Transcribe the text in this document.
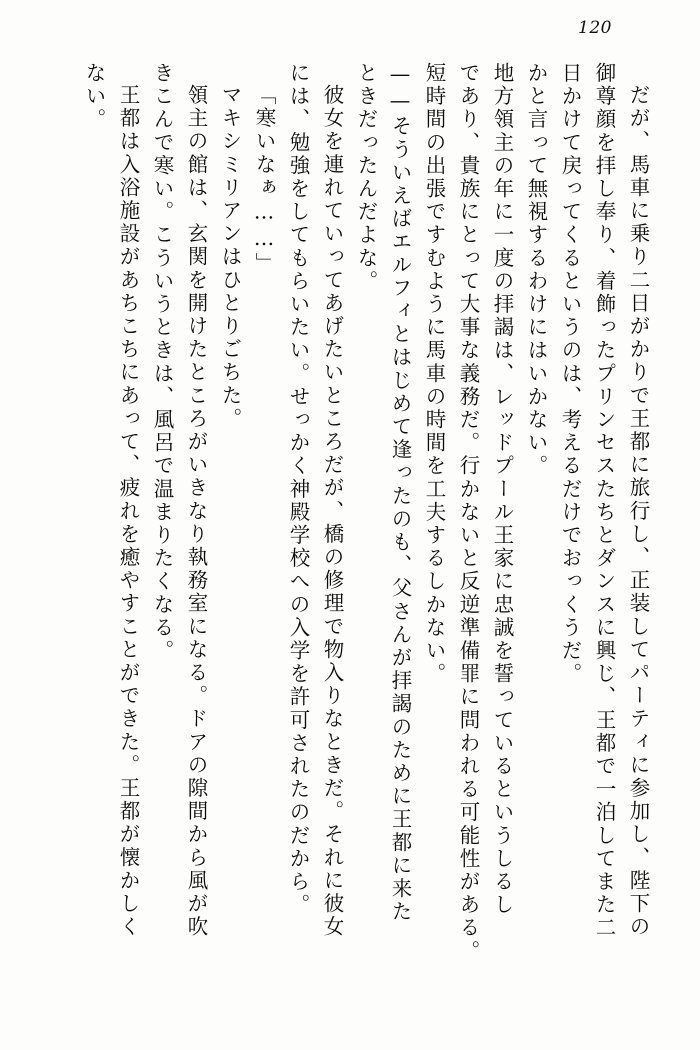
120
だが、馬車に乗り二日がかりで王都に旅行し、正装してパーティに参加し、陛下の
御尊顔を拝し奉り、着飾ったプリンセスたちとダンスに興じ、王都で一泊してまた二
日かけて戻ってくるというのは、考えるだけでおっくうだ。
かと言って無視するわけにはいかない。
地方領主の年に一度の拝謁は、レッドプール王家に忠誠を誓っているというしるし
であり、貴族にとって大事な義務だ。行かないと反逆準備罪に問われる可能性がある。
短時間の出張ですむように馬車の時間を工夫するしかない。
——そういえばエルフィとはじめて逢ったのも、父さんが拝謁のために王都に来た
ときだったんだよな。
彼女を連れていってあげたいところだが、橋の修理で物入りなときだ。それに彼女
には、勉強をしてもらいたい。せっかく神殿学校への入学を許可されたのだから。
「寒いなぁ……」
マキシミリアンはひとりごちた。
領主の館は、玄関を開けたところがいきなり執務室になる。ドアの隙間から風が吹
きこんで寒い。こういうときは、風呂で温まりたくなる。
王都は入浴施設があちこちにあって、疲れを癒やすことができた。王都が懐かしく
ない。
